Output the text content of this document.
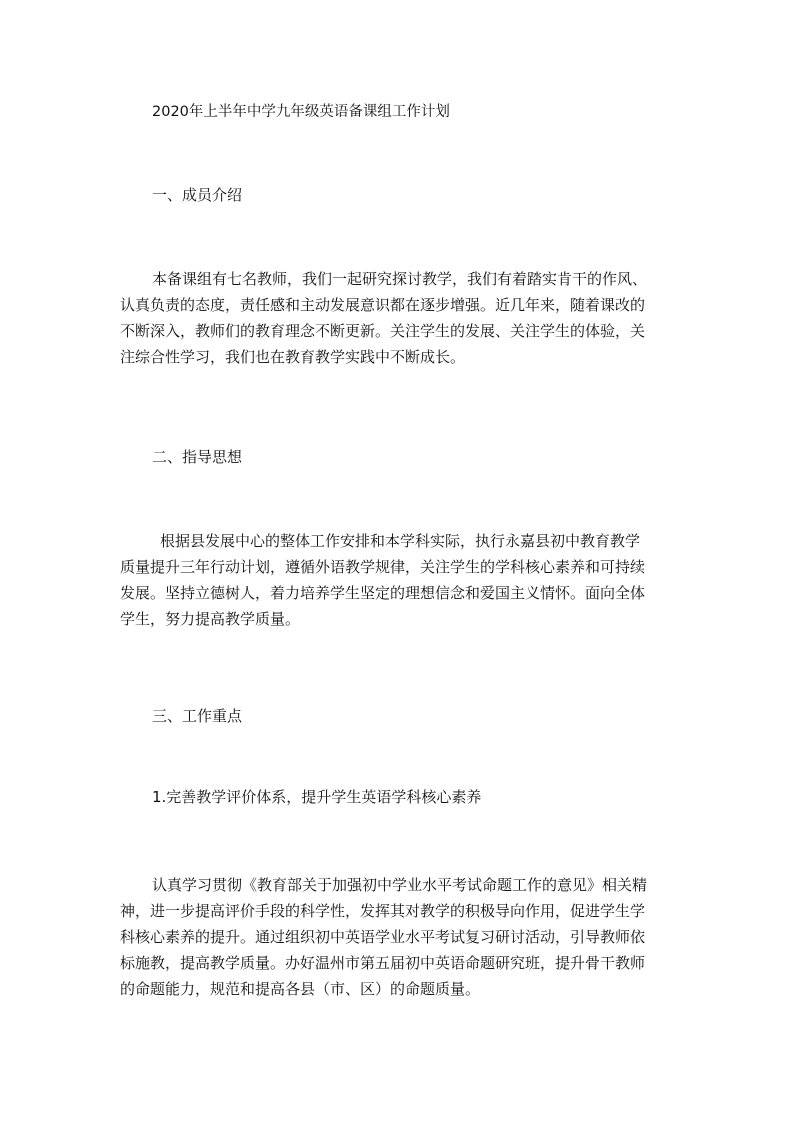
2020年上半年中学九年级英语备课组工作计划

一、成员介绍

本备课组有七名教师，我们一起研究探讨教学，我们有着踏实肯干的作风、
认真负责的态度，责任感和主动发展意识都在逐步增强。近几年来，随着课改的
不断深入，教师们的教育理念不断更新。关注学生的发展、关注学生的体验，关
注综合性学习，我们也在教育教学实践中不断成长。

二、指导思想

根据县发展中心的整体工作安排和本学科实际，执行永嘉县初中教育教学
质量提升三年行动计划，遵循外语教学规律，关注学生的学科核心素养和可持续
发展。坚持立德树人，着力培养学生坚定的理想信念和爱国主义情怀。面向全体
学生，努力提高教学质量。

三、工作重点

1.完善教学评价体系，提升学生英语学科核心素养

认真学习贯彻《教育部关于加强初中学业水平考试命题工作的意见》相关精
神，进一步提高评价手段的科学性，发挥其对教学的积极导向作用，促进学生学
科核心素养的提升。通过组织初中英语学业水平考试复习研讨活动，引导教师依
标施教，提高教学质量。办好温州市第五届初中英语命题研究班，提升骨干教师
的命题能力，规范和提高各县（市、区）的命题质量。
